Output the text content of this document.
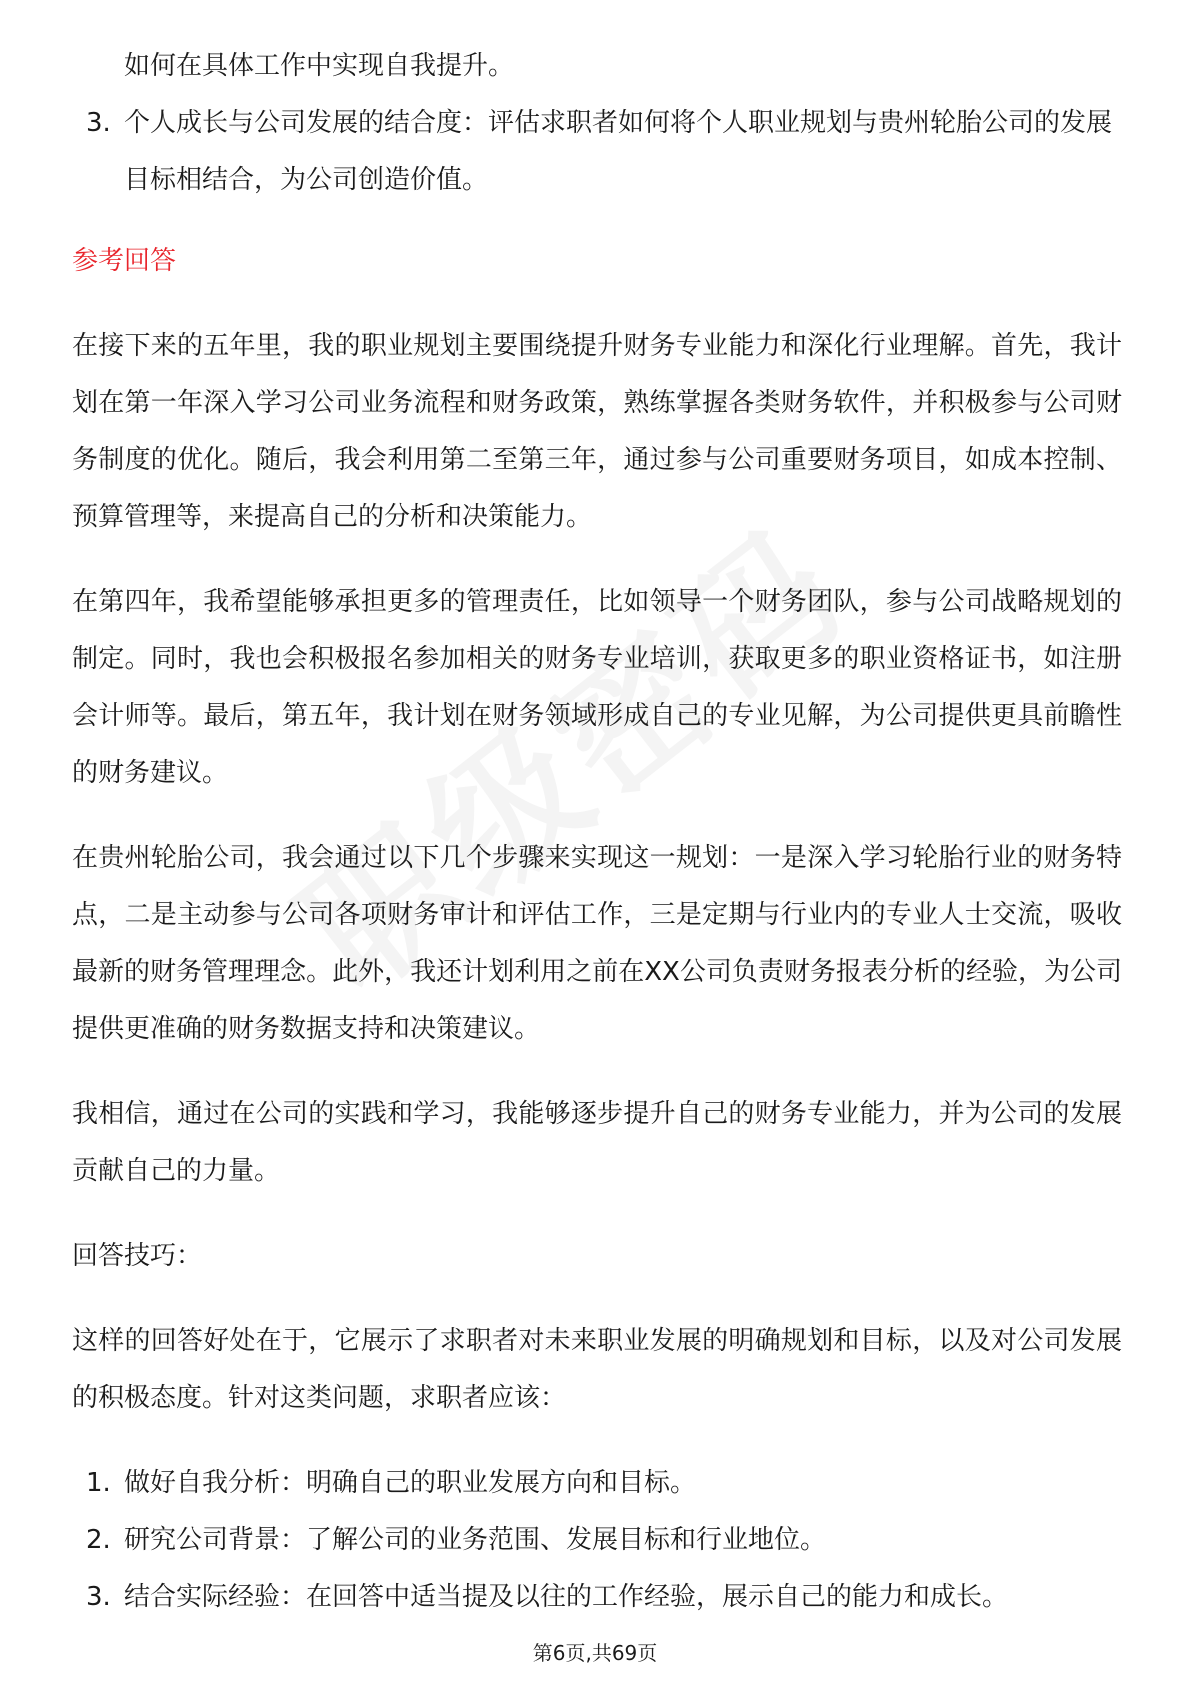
如何在具体工作中实现自我提升。

3. 个人成长与公司发展的结合度：评估求职者如何将个人职业规划与贵州轮胎公司的发展目标相结合，为公司创造价值。
参考回答

在接下来的五年里，我的职业规划主要围绕提升财务专业能力和深化行业理解。首先，我计划在第一年深入学习公司业务流程和财务政策，熟练掌握各类财务软件，并积极参与公司财务制度的优化。随后，我会利用第二至第三年，通过参与公司重要财务项目，如成本控制、预算管理等，来提高自己的分析和决策能力。

在第四年，我希望能够承担更多的管理责任，比如领导一个财务团队，参与公司战略规划的制定。同时，我也会积极报名参加相关的财务专业培训，获取更多的职业资格证书，如注册会计师等。最后，第五年，我计划在财务领域形成自己的专业见解，为公司提供更具前瞻性的财务建议。

在贵州轮胎公司，我会通过以下几个步骤来实现这一规划：一是深入学习轮胎行业的财务特点，二是主动参与公司各项财务审计和评估工作，三是定期与行业内的专业人士交流，吸收最新的财务管理理念。此外，我还计划利用之前在XX公司负责财务报表分析的经验，为公司提供更准确的财务数据支持和决策建议。

我相信，通过在公司的实践和学习，我能够逐步提升自己的财务专业能力，并为公司的发展贡献自己的力量。

回答技巧：

这样的回答好处在于，它展示了求职者对未来职业发展的明确规划和目标，以及对公司发展的积极态度。针对这类问题，求职者应该：

1. 做好自我分析：明确自己的职业发展方向和目标。
2. 研究公司背景：了解公司的业务范围、发展目标和行业地位。
3. 结合实际经验：在回答中适当提及以往的工作经验，展示自己的能力和成长。
第6页,共69页
